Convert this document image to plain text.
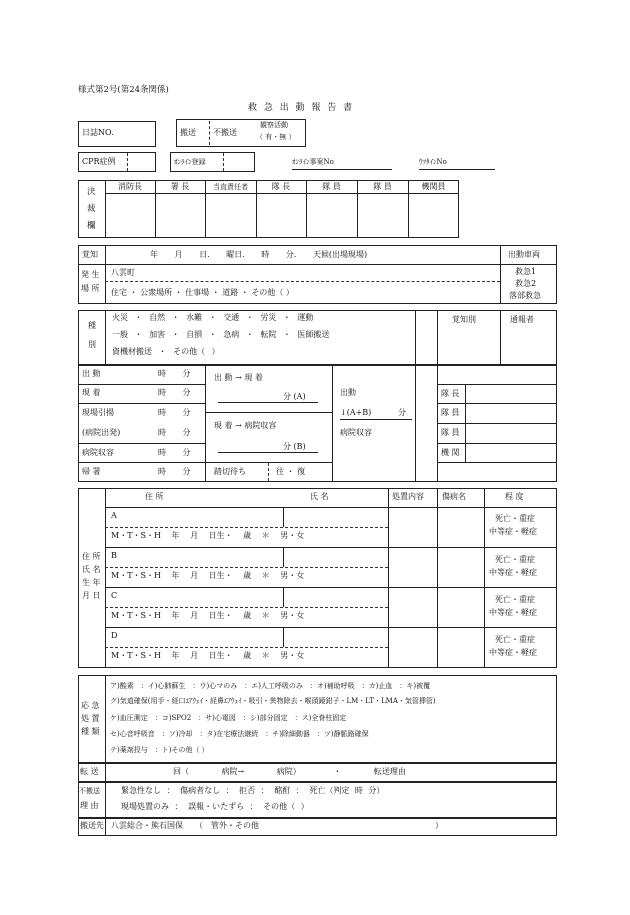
様式第2号(第24条関係)
救 急 出 動 報 告 書
日誌NO.	搬送 不搬送
観察活動
（ 有・無 ）
CPR症例	ｵﾝﾗｲﾝ登録	ｵﾝﾗｲﾝ事案No	ｳﾂﾀｲﾝNo
決
裁
欄
消防長	署 長	当直責任者	隊 長	隊 員	隊 員	機関員
覚知	年 月 日. 曜日. 時 分. 天候(出場現場)	出動車両
救急1
救急2
落部救急
発 生
場 所
八雲町
住宅 ・ 公衆場所 ・ 仕事場 ・ 道路 ・ その他（ ）
種
別
火災 ・ 自然 ・ 水難 ・ 交通 ・ 労災 ・ 運動
一般 ・ 加害 ・ 自損 ・ 急病 ・ 転院 ・ 医師搬送
資機材搬送 ・ その他（ ）
覚知別	通報者
出 動	時 分
現 着	時 分
現場引揚	時 分
(病院出発)	時 分
病院収容	時 分
帰 署	時 分
出 動 → 現 着
分 (A)
現 着 → 病院収容
分 (B)
踏切待ち	往 ・ 復
出動
↓(A+B)	分
病院収容
隊 長
隊 員
隊 員
機 関
住 所	氏 名	処置内容 傷病名	程 度
住 所
氏 名
生 年
月 日
A
M・T・S・H 年 月 日生・ 歳 ＊ 男・女
死亡・重症
中等症・軽症
B
M・T・S・H 年 月 日生・ 歳 ＊ 男・女
死亡・重症
中等症・軽症
C
M・T・S・H 年 月 日生・ 歳 ＊ 男・女
死亡・重症
中等症・軽症
D
M・T・S・H 年 月 日生・ 歳 ＊ 男・女
死亡・重症
中等症・軽症
応 急
処 置
種 類
ア)酸素　：イ)心肺蘇生　：ウ)心マのみ　：エ)人工呼吸のみ　：オ)補助呼吸　：カ)止血　：キ)被覆
ク)気道確保(用手・経口ｴｱｳｪｲ・経鼻ｴｱｳｪｲ・吸引・異物除去・喉頭鏡鉗子・LM・LT・LMA・気管挿管)
ケ)血圧測定　：コ)SPO2　：サ)心電図　：シ)部分固定　：ス)全脊柱固定
セ)心音呼吸音　：ソ)冷却　：タ)在宅療法継続　：チ)除細動器　：ツ)静脈路確保
テ)薬剤投与　：ト)その他（ ）
転 送	回（ 病院→ 病院） ・ 転送理由
不搬送
理 由
緊急性なし ： 傷病者なし ： 拒否 ： 酩酊 ： 死亡（判定 時 分）
現場処置のみ ： 誤報・いたずら ： その他（ ）
搬送先 八雲総合・熊石国保　　（　管外・その他　　　　　　　　　　　　　　　　　　　　　　）
